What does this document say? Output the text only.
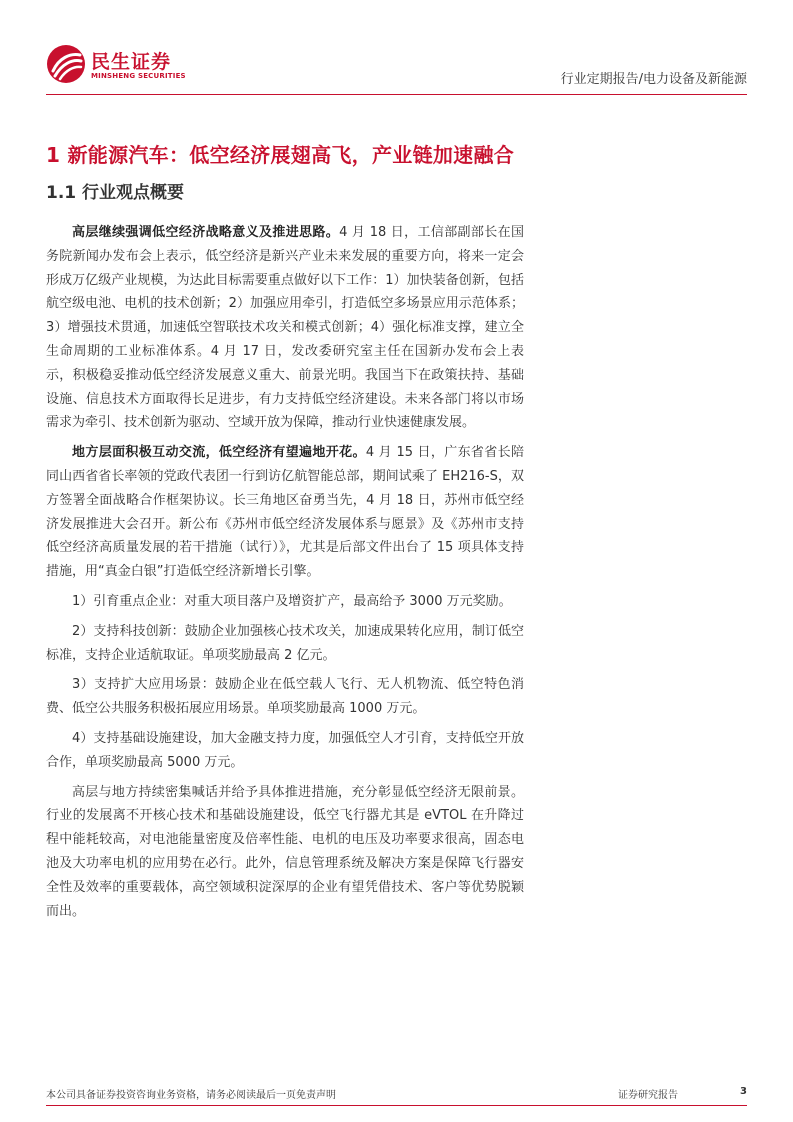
民生证券
MINSHENG SECURITIES	行业定期报告/电力设备及新能源
1 新能源汽车：低空经济展翅高飞，产业链加速融合
1.1 行业观点概要

高层继续强调低空经济战略意义及推进思路。4 月 18 日，工信部副部长在国务院新闻办发布会上表示，低空经济是新兴产业未来发展的重要方向，将来一定会形成万亿级产业规模，为达此目标需要重点做好以下工作：1）加快装备创新，包括航空级电池、电机的技术创新；2）加强应用牵引，打造低空多场景应用示范体系；3）增强技术贯通，加速低空智联技术攻关和模式创新；4）强化标准支撑，建立全生命周期的工业标准体系。4 月 17 日，发改委研究室主任在国新办发布会上表示，积极稳妥推动低空经济发展意义重大、前景光明。我国当下在政策扶持、基础设施、信息技术方面取得长足进步，有力支持低空经济建设。未来各部门将以市场需求为牵引、技术创新为驱动、空域开放为保障，推动行业快速健康发展。

地方层面积极互动交流，低空经济有望遍地开花。4 月 15 日，广东省省长陪同山西省省长率领的党政代表团一行到访亿航智能总部，期间试乘了 EH216-S，双方签署全面战略合作框架协议。长三角地区奋勇当先，4 月 18 日，苏州市低空经济发展推进大会召开。新公布《苏州市低空经济发展体系与愿景》及《苏州市支持低空经济高质量发展的若干措施（试行）》，尤其是后部文件出台了 15 项具体支持措施，用“真金白银”打造低空经济新增长引擎。

1）引育重点企业：对重大项目落户及增资扩产，最高给予 3000 万元奖励。

2）支持科技创新：鼓励企业加强核心技术攻关，加速成果转化应用，制订低空标准，支持企业适航取证。单项奖励最高 2 亿元。

3）支持扩大应用场景：鼓励企业在低空载人飞行、无人机物流、低空特色消费、低空公共服务积极拓展应用场景。单项奖励最高 1000 万元。

4）支持基础设施建设，加大金融支持力度，加强低空人才引育，支持低空开放合作，单项奖励最高 5000 万元。

高层与地方持续密集喊话并给予具体推进措施，充分彰显低空经济无限前景。行业的发展离不开核心技术和基础设施建设，低空飞行器尤其是 eVTOL 在升降过程中能耗较高，对电池能量密度及倍率性能、电机的电压及功率要求很高，固态电池及大功率电机的应用势在必行。此外，信息管理系统及解决方案是保障飞行器安全性及效率的重要载体，高空领域积淀深厚的企业有望凭借技术、客户等优势脱颖而出。

本公司具备证券投资咨询业务资格，请务必阅读最后一页免责声明	证券研究报告	3
